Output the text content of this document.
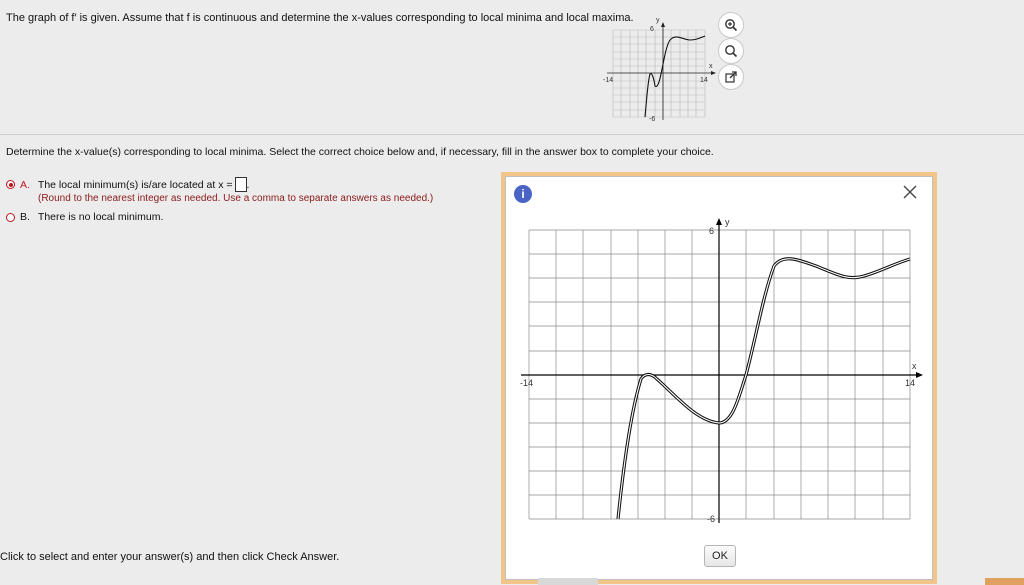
The graph of f′ is given. Assume that f is continuous and determine the x-values corresponding to local minima and local maxima.	y
6
-6
-14	14
x
Determine the x-value(s) corresponding to local minima. Select the correct choice below and, if necessary, fill in the answer box to complete your choice.
A. The local minimum(s) is/are located at x = .
(Round to the nearest integer as needed. Use a comma to separate answers as needed.)
B. There is no local minimum.
Click to select and enter your answer(s) and then click Check Answer.
i
y
6
-6
-14	14
x
OK
